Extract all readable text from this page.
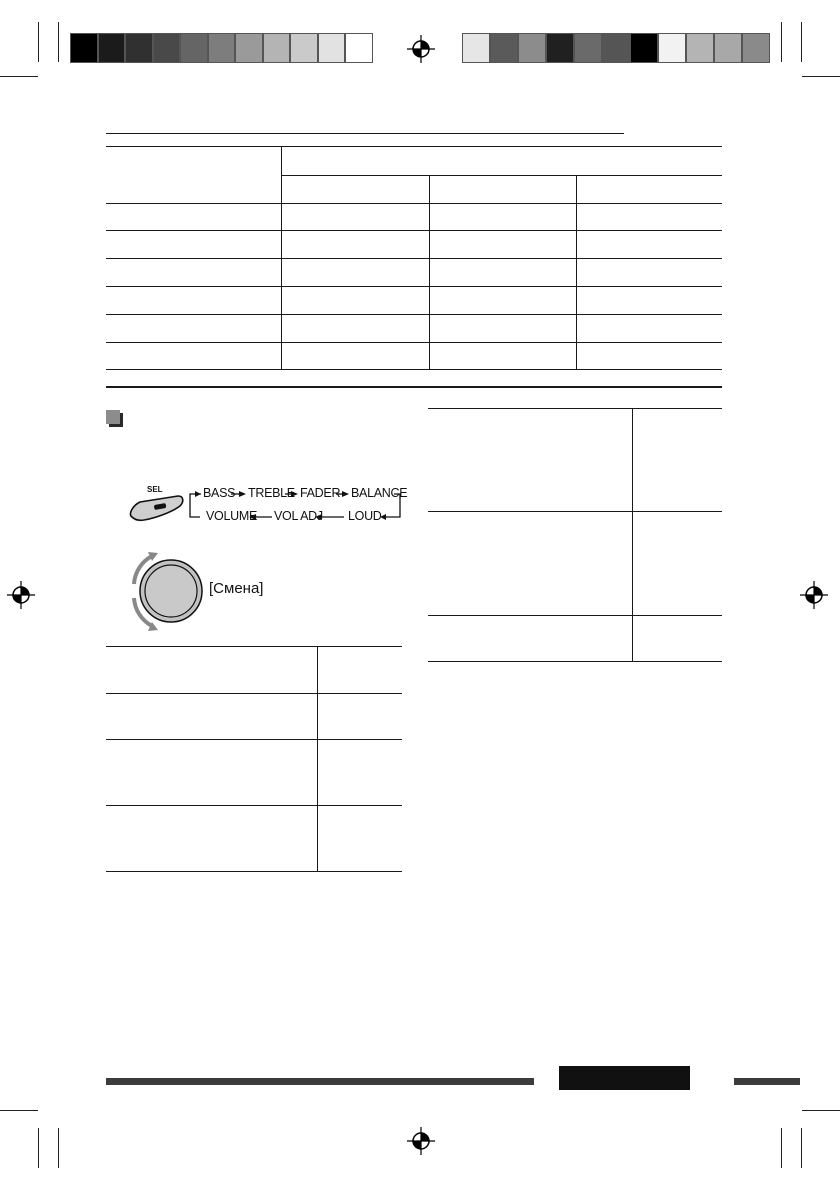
SEL	BASS TREBLE FADER BALANCE
VOLUME VOL ADJ LOUD
[Смена]
